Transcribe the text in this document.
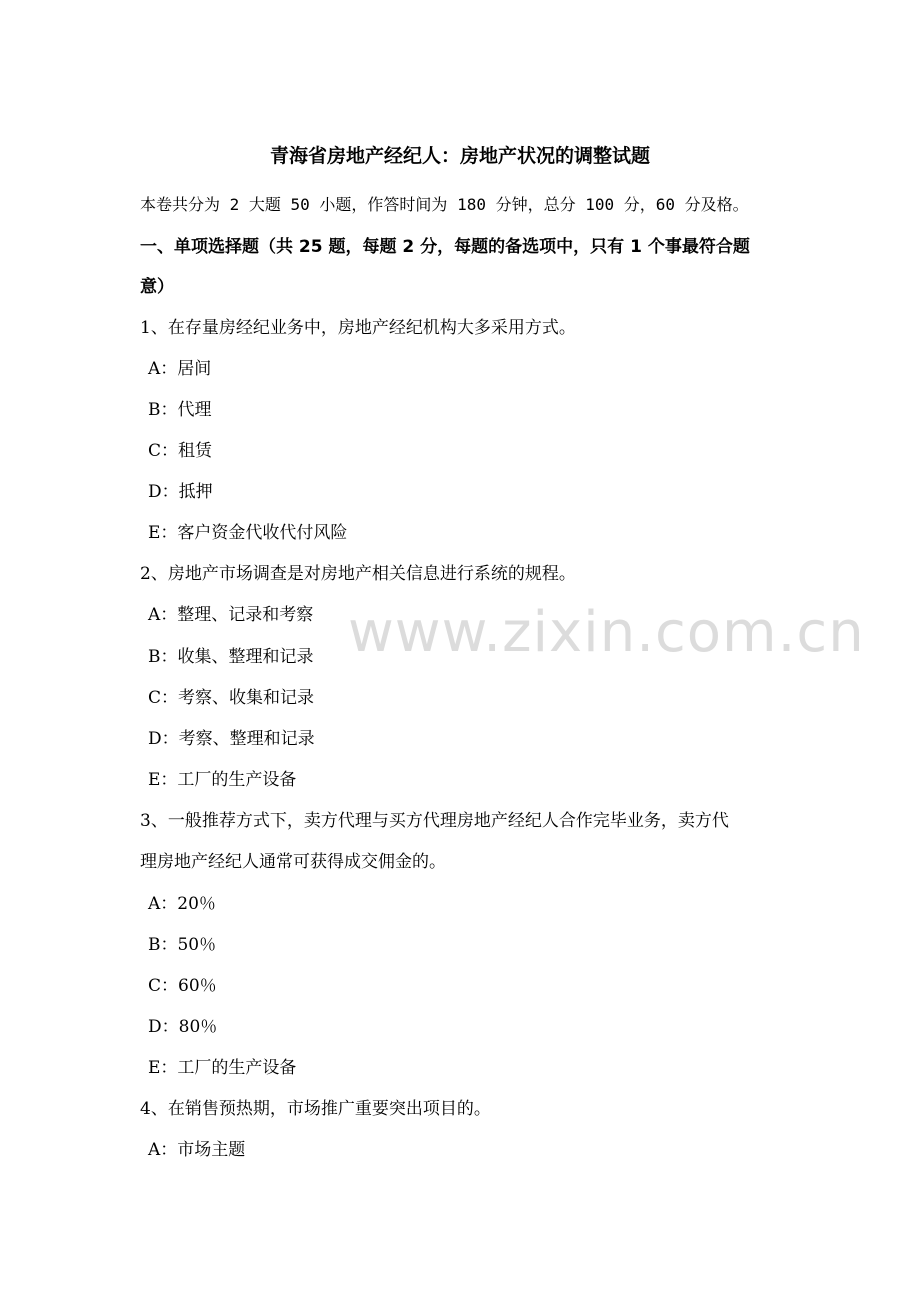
青海省房地产经纪人：房地产状况的调整试题
本卷共分为 2 大题 50 小题，作答时间为 180 分钟，总分 100 分，60 分及格。
一、单项选择题（共 25 题，每题 2 分，每题的备选项中，只有 1 个事最符合题
意）
1、在存量房经纪业务中，房地产经纪机构大多采用方式。
A：居间
B：代理
C：租赁
D：抵押
E：客户资金代收代付风险
2、房地产市场调查是对房地产相关信息进行系统的规程。
A：整理、记录和考察
B：收集、整理和记录
C：考察、收集和记录
D：考察、整理和记录
E：工厂的生产设备
3、一般推荐方式下，卖方代理与买方代理房地产经纪人合作完毕业务，卖方代
理房地产经纪人通常可获得成交佣金的。
A：20％
B：50％
C：60％
D：80％
E：工厂的生产设备
4、在销售预热期，市场推广重要突出项目的。
A：市场主题
www.zixin.com.cn
